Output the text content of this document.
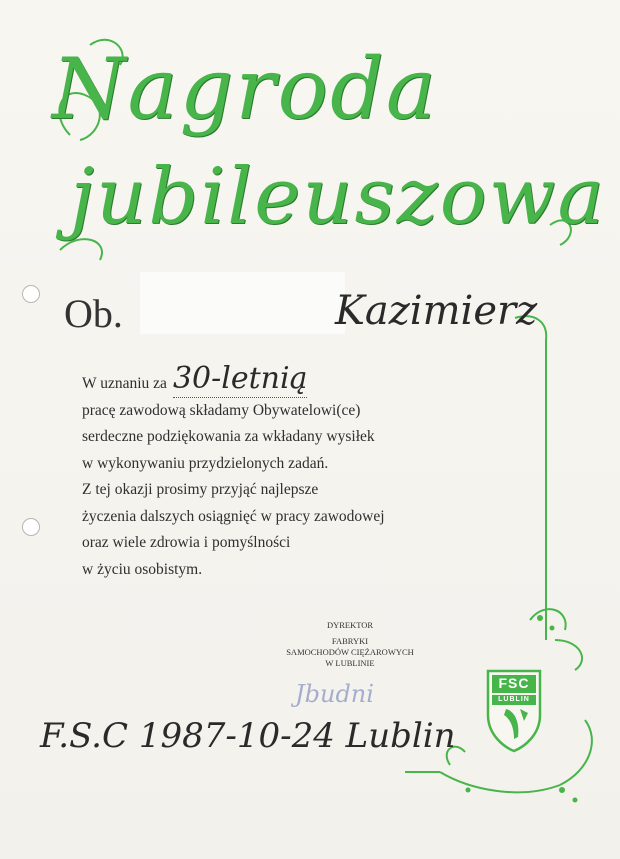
Nagroda
jubileuszowa
FSC
LUBLIN
Ob.	Kazimierz
W uznaniu za 30-letnią
pracę zawodową składamy Obywatelowi(ce)
serdeczne podziękowania za wkładany wysiłek
w wykonywaniu przydzielonych zadań.
Z tej okazji prosimy przyjąć najlepsze
życzenia dalszych osiągnięć w pracy zawodowej
oraz wiele zdrowia i pomyślności
w życiu osobistym.
DYREKTOR
FABRYKI
SAMOCHODÓW CIĘŻAROWYCH
W LUBLINIE
Jbudni
F.S.C 1987-10-24 Lublin
